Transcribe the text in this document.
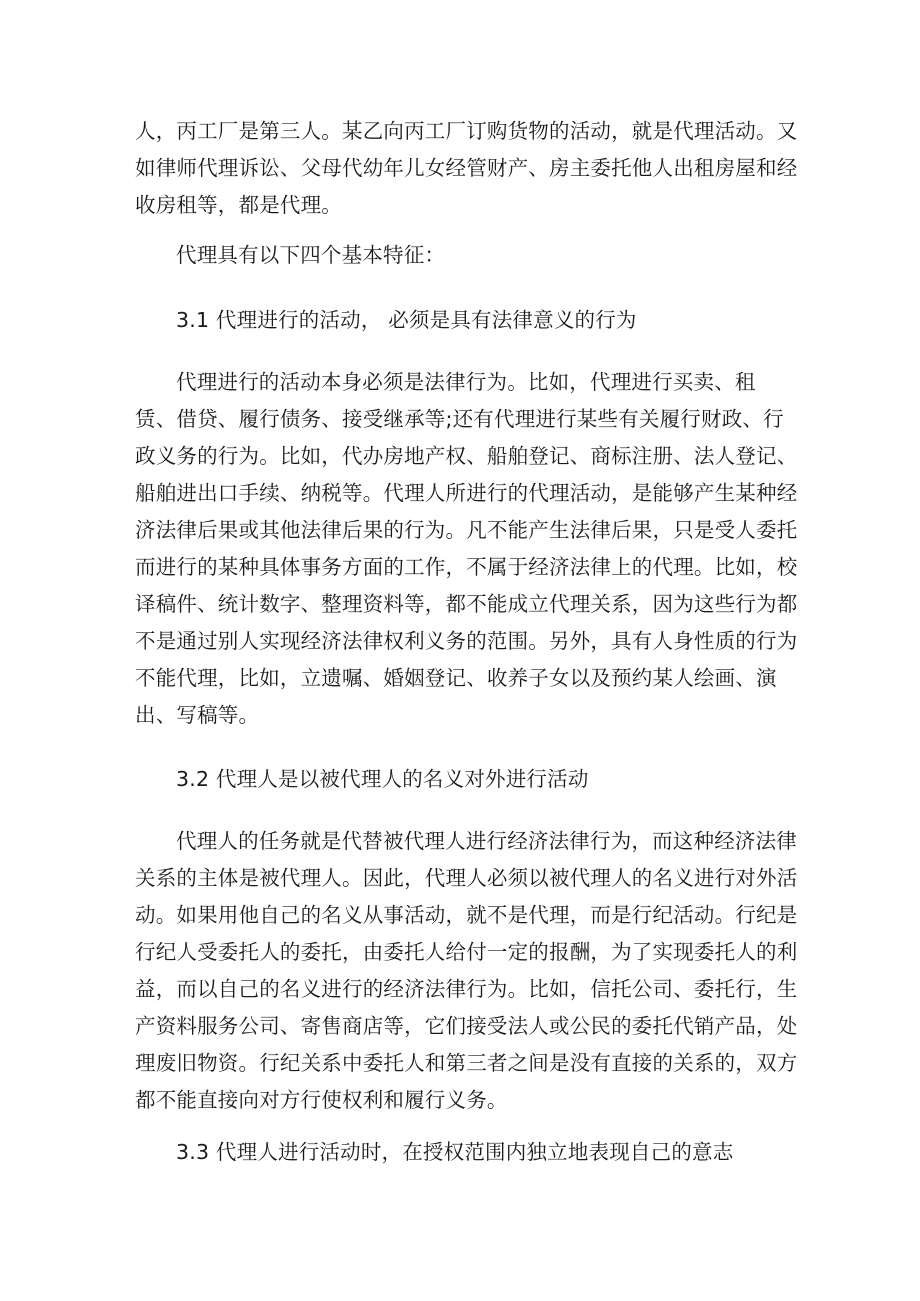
人，丙工厂是第三人。某乙向丙工厂订购货物的活动，就是代理活动。又
如律师代理诉讼、父母代幼年儿女经管财产、房主委托他人出租房屋和经
收房租等，都是代理。
代理具有以下四个基本特征：
3.1 代理进行的活动， 必须是具有法律意义的行为
代理进行的活动本身必须是法律行为。比如，代理进行买卖、租
赁、借贷、履行债务、接受继承等;还有代理进行某些有关履行财政、行
政义务的行为。比如，代办房地产权、船舶登记、商标注册、法人登记、
船舶进出口手续、纳税等。代理人所进行的代理活动，是能够产生某种经
济法律后果或其他法律后果的行为。凡不能产生法律后果，只是受人委托
而进行的某种具体事务方面的工作，不属于经济法律上的代理。比如，校
译稿件、统计数字、整理资料等，都不能成立代理关系，因为这些行为都
不是通过别人实现经济法律权利义务的范围。另外，具有人身性质的行为
不能代理，比如，立遗嘱、婚姻登记、收养子女以及预约某人绘画、演
出、写稿等。
3.2 代理人是以被代理人的名义对外进行活动
代理人的任务就是代替被代理人进行经济法律行为，而这种经济法律
关系的主体是被代理人。因此，代理人必须以被代理人的名义进行对外活
动。如果用他自己的名义从事活动，就不是代理，而是行纪活动。行纪是
行纪人受委托人的委托，由委托人给付一定的报酬，为了实现委托人的利
益，而以自己的名义进行的经济法律行为。比如，信托公司、委托行，生
产资料服务公司、寄售商店等，它们接受法人或公民的委托代销产品，处
理废旧物资。行纪关系中委托人和第三者之间是没有直接的关系的，双方
都不能直接向对方行使权利和履行义务。
3.3 代理人进行活动时，在授权范围内独立地表现自己的意志
